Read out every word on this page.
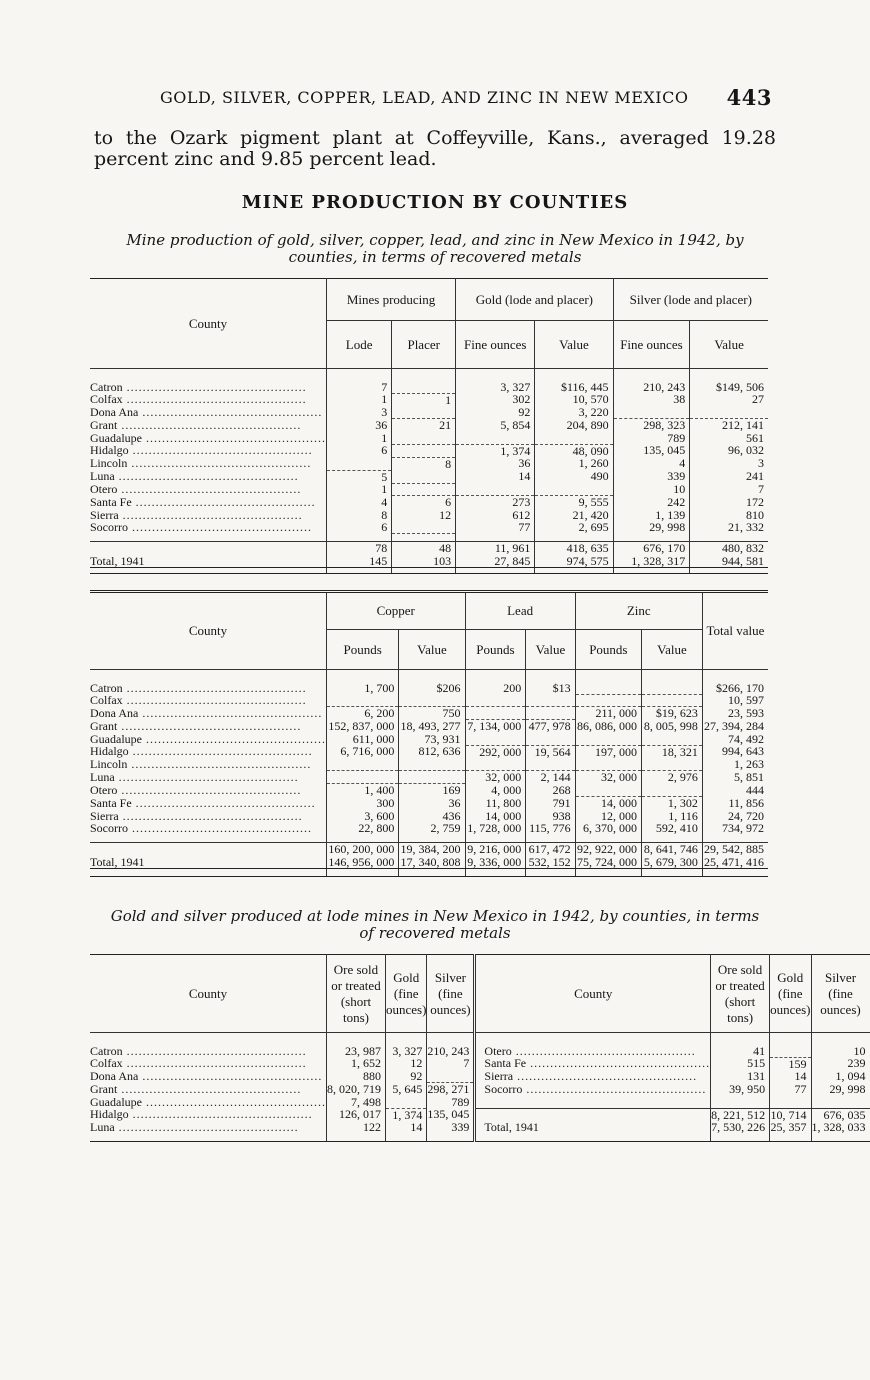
GOLD, SILVER, COPPER, LEAD, AND ZINC IN NEW MEXICO 443
to the Ozark pigment plant at Coffeyville, Kans., averaged 19.28
percent zinc and 9.85 percent lead.
MINE PRODUCTION BY COUNTIES
Mine production of gold, silver, copper, lead, and zinc in New Mexico in 1942, by
counties, in terms of recovered metals
County	Mines producing		Gold (lode and placer)		Silver (lode and placer)	
	Lode	Placer	Fine ounces	Value	Fine ounces	Value

Catron .....	7		3, 327	$116, 445	210, 243	$149, 506
Colfax .....	1	1	302	10, 570	38	27
Dona Ana .....	3		92	3, 220		
Grant .....	36	21	5, 854	204, 890	298, 323	212, 141
Guadalupe .....	1				789	561
Hidalgo .....	6		1, 374	48, 090	135, 045	96, 032
Lincoln .....		8	36	1, 260	4	3
Luna .....	5		14	490	339	241
Otero .....	1				10	7
Santa Fe .....	4	6	273	9, 555	242	172
Sierra .....	8	12	612	21, 420	1, 139	810
Socorro .....	6		77	2, 695	29, 998	21, 332

	78	48	11, 961	418, 635	676, 170	480, 832
Total, 1941	145	103	27, 845	974, 575	1, 328, 317	944, 581

County	Copper		Lead		Zinc		Total value
	Pounds	Value	Pounds	Value	Pounds	Value	

Catron .....	1, 700	$206	200	$13			$266, 170
Colfax .....							10, 597
Dona Ana .....	6, 200	750			211, 000	$19, 623	23, 593
Grant .....	152, 837, 000	18, 493, 277	7, 134, 000	477, 978	86, 086, 000	8, 005, 998	27, 394, 284
Guadalupe .....	611, 000	73, 931					74, 492
Hidalgo .....	6, 716, 000	812, 636	292, 000	19, 564	197, 000	18, 321	994, 643
Lincoln .....							1, 263
Luna .....			32, 000	2, 144	32, 000	2, 976	5, 851
Otero .....	1, 400	169	4, 000	268			444
Santa Fe .....	300	36	11, 800	791	14, 000	1, 302	11, 856
Sierra .....	3, 600	436	14, 000	938	12, 000	1, 116	24, 720
Socorro .....	22, 800	2, 759	1, 728, 000	115, 776	6, 370, 000	592, 410	734, 972

	160, 200, 000	19, 384, 200	9, 216, 000	617, 472	92, 922, 000	8, 641, 746	29, 542, 885
Total, 1941	146, 956, 000	17, 340, 808	9, 336, 000	532, 152	75, 724, 000	5, 679, 300	25, 471, 416

Gold and silver produced at lode mines in New Mexico in 1942, by counties, in terms
of recovered metals
County	Ore sold or treated (short tons)	Gold (fine ounces)	Silver (fine ounces)	County	Ore sold or treated (short tons)	Gold (fine ounces)	Silver (fine ounces)

Catron .....	23, 987	3, 327	210, 243	Otero .....	41		10
Colfax .....	1, 652	12	7	Santa Fe .....	515	159	239
Dona Ana .....	880	92		Sierra .....	131	14	1, 094
Grant .....	8, 020, 719	5, 645	298, 271	Socorro .....	39, 950	77	29, 998
Guadalupe .....	7, 498		789				
Hidalgo .....	126, 017	1, 374	135, 045		8, 221, 512	10, 714	676, 035
Luna .....	122	14	339	Total, 1941	7, 530, 226	25, 357	1, 328, 033
